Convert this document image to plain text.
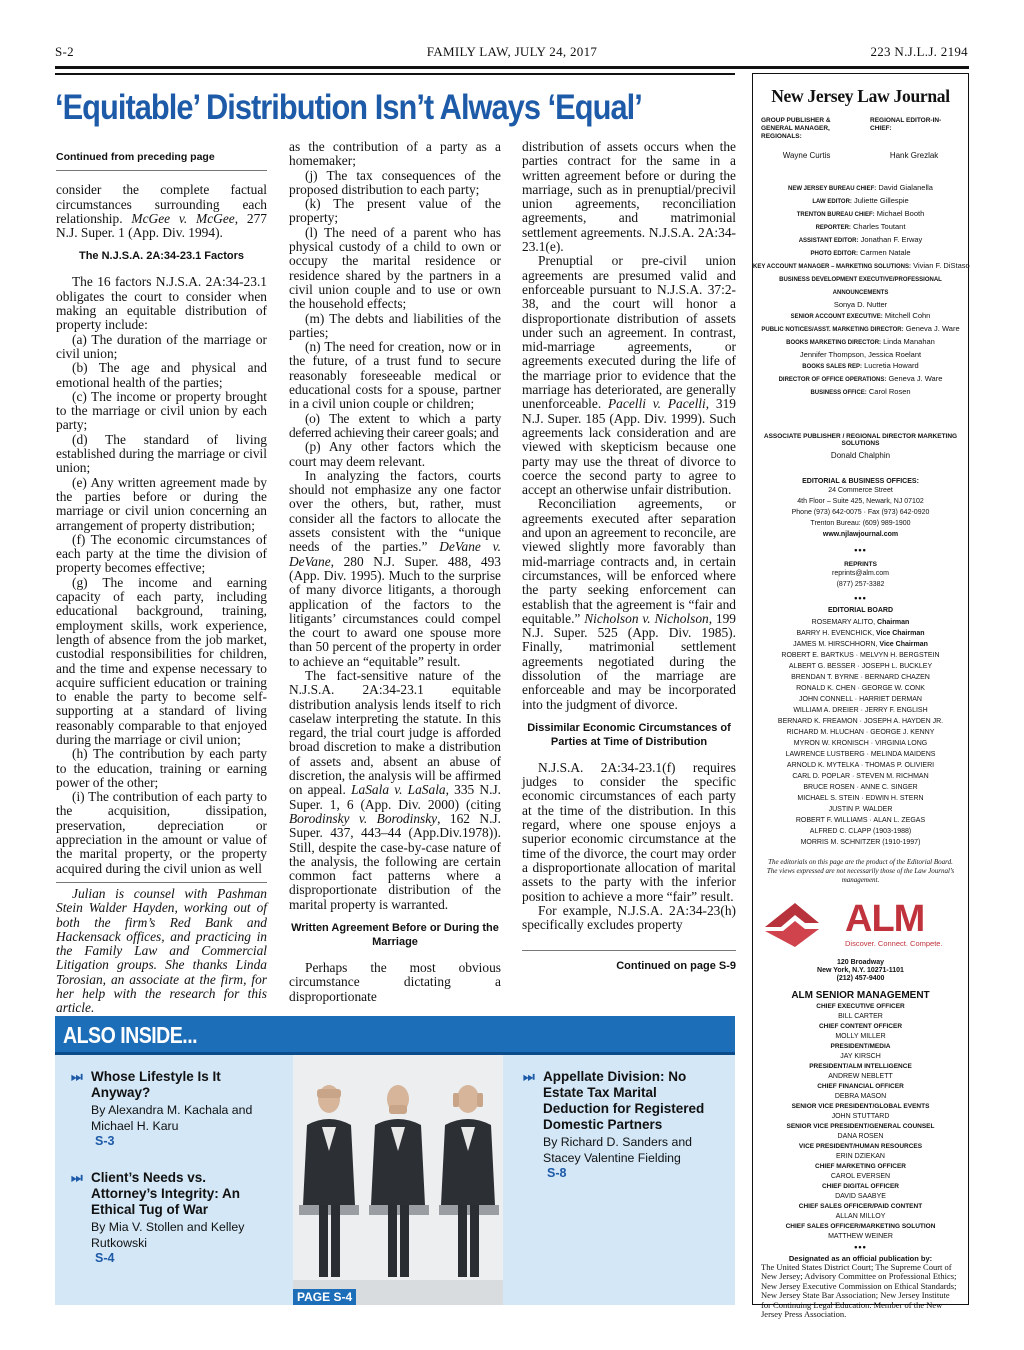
S-2	FAMILY LAW, JULY 24, 2017	223 N.J.L.J. 2194
‘Equitable’ Distribution Isn’t Always ‘Equal’
Continued from preceding page

consider the complete factual circumstances surrounding each relationship. McGee v. McGee, 277 N.J. Super. 1 (App. Div. 1994).

The N.J.S.A. 2A:34-23.1 Factors

The 16 factors N.J.S.A. 2A:34-23.1 obligates the court to consider when making an equitable distribution of property include:

(a) The duration of the marriage or civil union;

(b) The age and physical and emotional health of the parties;

(c) The income or property brought to the marriage or civil union by each party;

(d) The standard of living established during the marriage or civil union;

(e) Any written agreement made by the parties before or during the marriage or civil union concerning an arrangement of property distribution;

(f) The economic circumstances of each party at the time the division of property becomes effective;

(g) The income and earning capacity of each party, including educational background, training, employment skills, work experience, length of absence from the job market, custodial responsibilities for children, and the time and expense necessary to acquire sufficient education or training to enable the party to become self-supporting at a standard of living reasonably comparable to that enjoyed during the marriage or civil union;

(h) The contribution by each party to the education, training or earning power of the other;

(i) The contribution of each party to the acquisition, dissipation, preservation, depreciation or appreciation in the amount or value of the marital property, or the property acquired during the civil union as well

Julian is counsel with Pashman Stein Walder Hayden, working out of both the firm’s Red Bank and Hackensack offices, and practicing in the Family Law and Commercial Litigation groups. She thanks Linda Torosian, an associate at the firm, for her help with the research for this article.

as the contribution of a party as a homemaker;

(j) The tax consequences of the proposed distribution to each party;

(k) The present value of the property;

(l) The need of a parent who has physical custody of a child to own or occupy the marital residence or residence shared by the partners in a civil union couple and to use or own the household effects;

(m) The debts and liabilities of the parties;

(n) The need for creation, now or in the future, of a trust fund to secure reasonably foreseeable medical or educational costs for a spouse, partner in a civil union couple or children;

(o) The extent to which a party deferred achieving their career goals; and

(p) Any other factors which the court may deem relevant.

In analyzing the factors, courts should not emphasize any one factor over the others, but, rather, must consider all the factors to allocate the assets consistent with the “unique needs of the parties.” DeVane v. DeVane, 280 N.J. Super. 488, 493 (App. Div. 1995). Much to the surprise of many divorce litigants, a thorough application of the factors to the litigants’ circumstances could compel the court to award one spouse more than 50 percent of the property in order to achieve an “equitable” result.

The fact-sensitive nature of the N.J.S.A. 2A:34-23.1 equitable distribution analysis lends itself to rich caselaw interpreting the statute. In this regard, the trial court judge is afforded broad discretion to make a distribution of assets and, absent an abuse of discretion, the analysis will be affirmed on appeal. LaSala v. LaSala, 335 N.J. Super. 1, 6 (App. Div. 2000) (citing Borodinsky v. Borodinsky, 162 N.J. Super. 437, 443–44 (App.Div.1978)). Still, despite the case-by-case nature of the analysis, the following are certain common fact patterns where a disproportionate distribution of the marital property is warranted.

Written Agreement Before or During the Marriage

Perhaps the most obvious circumstance dictating a disproportionate

distribution of assets occurs when the parties contract for the same in a written agreement before or during the marriage, such as in prenuptial/precivil union agreements, reconciliation agreements, and matrimonial settlement agreements. N.J.S.A. 2A:34-23.1(e).

Prenuptial or pre-civil union agreements are presumed valid and enforceable pursuant to N.J.S.A. 37:2-38, and the court will honor a disproportionate distribution of assets under such an agreement. In contrast, mid-marriage agreements, or agreements executed during the life of the marriage prior to evidence that the marriage has deteriorated, are generally unenforceable. Pacelli v. Pacelli, 319 N.J. Super. 185 (App. Div. 1999). Such agreements lack consideration and are viewed with skepticism because one party may use the threat of divorce to coerce the second party to agree to accept an otherwise unfair distribution.

Reconciliation agreements, or agreements executed after separation and upon an agreement to reconcile, are viewed slightly more favorably than mid-marriage contracts and, in certain circumstances, will be enforced where the party seeking enforcement can establish that the agreement is “fair and equitable.” Nicholson v. Nicholson, 199 N.J. Super. 525 (App. Div. 1985). Finally, matrimonial settlement agreements negotiated during the dissolution of the marriage are enforceable and may be incorporated into the judgment of divorce.

Dissimilar Economic Circumstances of Parties at Time of Distribution

N.J.S.A. 2A:34-23.1(f) requires judges to consider the specific economic circumstances of each party at the time of the distribution. In this regard, where one spouse enjoys a superior economic circumstance at the time of the divorce, the court may order a disproportionate allocation of marital assets to the party with the inferior position to achieve a more “fair” result.

For example, N.J.S.A. 2A:34-23(h) specifically excludes property

Continued on page S-9
ALSO INSIDE...
⏭ Whose Lifestyle Is It Anyway?
By Alexandra M. Kachala and Michael H. Karu
S-3
⏭ Client’s Needs vs. Attorney’s Integrity: An Ethical Tug of War
By Mia V. Stollen and Kelley Rutkowski
S-4
⏭ Appellate Division: No Estate Tax Marital Deduction for Registered Domestic Partners
By Richard D. Sanders and Stacey Valentine Fielding
S-8
PAGE S-4
New Jersey Law Journal
GROUP PUBLISHER & GENERAL MANAGER, REGIONALS:
REGIONAL EDITOR-IN-CHIEF:
Wayne Curtis	Hank Grezlak
NEW JERSEY BUREAU CHIEF: David Gialanella
LAW EDITOR: Juliette Gillespie
TRENTON BUREAU CHIEF: Michael Booth
REPORTER: Charles Toutant
ASSISTANT EDITOR: Jonathan F. Erway
PHOTO EDITOR: Carmen Natale
KEY ACCOUNT MANAGER – MARKETING SOLUTIONS: Vivian F. DiStaso
BUSINESS DEVELOPMENT EXECUTIVE/PROFESSIONAL ANNOUNCEMENTS
Sonya D. Nutter
SENIOR ACCOUNT EXECUTIVE: Mitchell Cohn
PUBLIC NOTICES/ASST. MARKETING DIRECTOR: Geneva J. Ware
BOOKS MARKETING DIRECTOR: Linda Manahan
Jennifer Thompson, Jessica Roelant
BOOKS SALES REP: Lucretia Howard
DIRECTOR OF OFFICE OPERATIONS: Geneva J. Ware
BUSINESS OFFICE: Carol Rosen
ASSOCIATE PUBLISHER / REGIONAL DIRECTOR MARKETING SOLUTIONS
Donald Chalphin
EDITORIAL & BUSINESS OFFICES:
24 Commerce Street
4th Floor – Suite 425, Newark, NJ 07102
Phone (973) 642-0075 · Fax (973) 642-0920
Trenton Bureau: (609) 989-1900
www.njlawjournal.com
•••
REPRINTS
reprints@alm.com
(877) 257-3382
•••
EDITORIAL BOARD
ROSEMARY ALITO, Chairman
BARRY H. EVENCHICK, Vice Chairman
JAMES M. HIRSCHHORN, Vice Chairman
ROBERT E. BARTKUS · MELVYN H. BERGSTEIN
ALBERT G. BESSER · JOSEPH L. BUCKLEY
BRENDAN T. BYRNE · BERNARD CHAZEN
RONALD K. CHEN · GEORGE W. CONK
JOHN CONNELL · HARRIET DERMAN
WILLIAM A. DREIER · JERRY F. ENGLISH
BERNARD K. FREAMON · JOSEPH A. HAYDEN JR.
RICHARD M. HLUCHAN · GEORGE J. KENNY
MYRON W. KRONISCH · VIRGINIA LONG
LAWRENCE LUSTBERG · MELINDA MAIDENS
ARNOLD K. MYTELKA · THOMAS P. OLIVIERI
CARL D. POPLAR · STEVEN M. RICHMAN
BRUCE ROSEN · ANNE C. SINGER
MICHAEL S. STEIN · EDWIN H. STERN
JUSTIN P. WALDER
ROBERT F. WILLIAMS · ALAN L. ZEGAS
ALFRED C. CLAPP (1903-1988)
MORRIS M. SCHNITZER (1910-1997)
The editorials on this page are the product of the Editorial Board. The views expressed are not necessarily those of the Law Journal’s management.
ALM
Discover. Connect. Compete.
120 Broadway
New York, N.Y. 10271-1101
(212) 457-9400
ALM SENIOR MANAGEMENT
CHIEF EXECUTIVE OFFICER
BILL CARTER
CHIEF CONTENT OFFICER
MOLLY MILLER
PRESIDENT/MEDIA
JAY KIRSCH
PRESIDENT/ALM INTELLIGENCE
ANDREW NEBLETT
CHIEF FINANCIAL OFFICER
DEBRA MASON
SENIOR VICE PRESIDENT/GLOBAL EVENTS
JOHN STUTTARD
SENIOR VICE PRESIDENT/GENERAL COUNSEL
DANA ROSEN
VICE PRESIDENT/HUMAN RESOURCES
ERIN DZIEKAN
CHIEF MARKETING OFFICER
CAROL EVERSEN
CHIEF DIGITAL OFFICER
DAVID SAABYE
CHIEF SALES OFFICER/PAID CONTENT
ALLAN MILLOY
CHIEF SALES OFFICER/MARKETING SOLUTION
MATTHEW WEINER
•••
Designated as an official publication by:
The United States District Court; The Supreme Court of New Jersey; Advisory Committee on Professional Ethics; New Jersey Executive Commission on Ethical Standards; New Jersey State Bar Association; New Jersey Institute for Continuing Legal Education. Member of the New Jersey Press Association.
